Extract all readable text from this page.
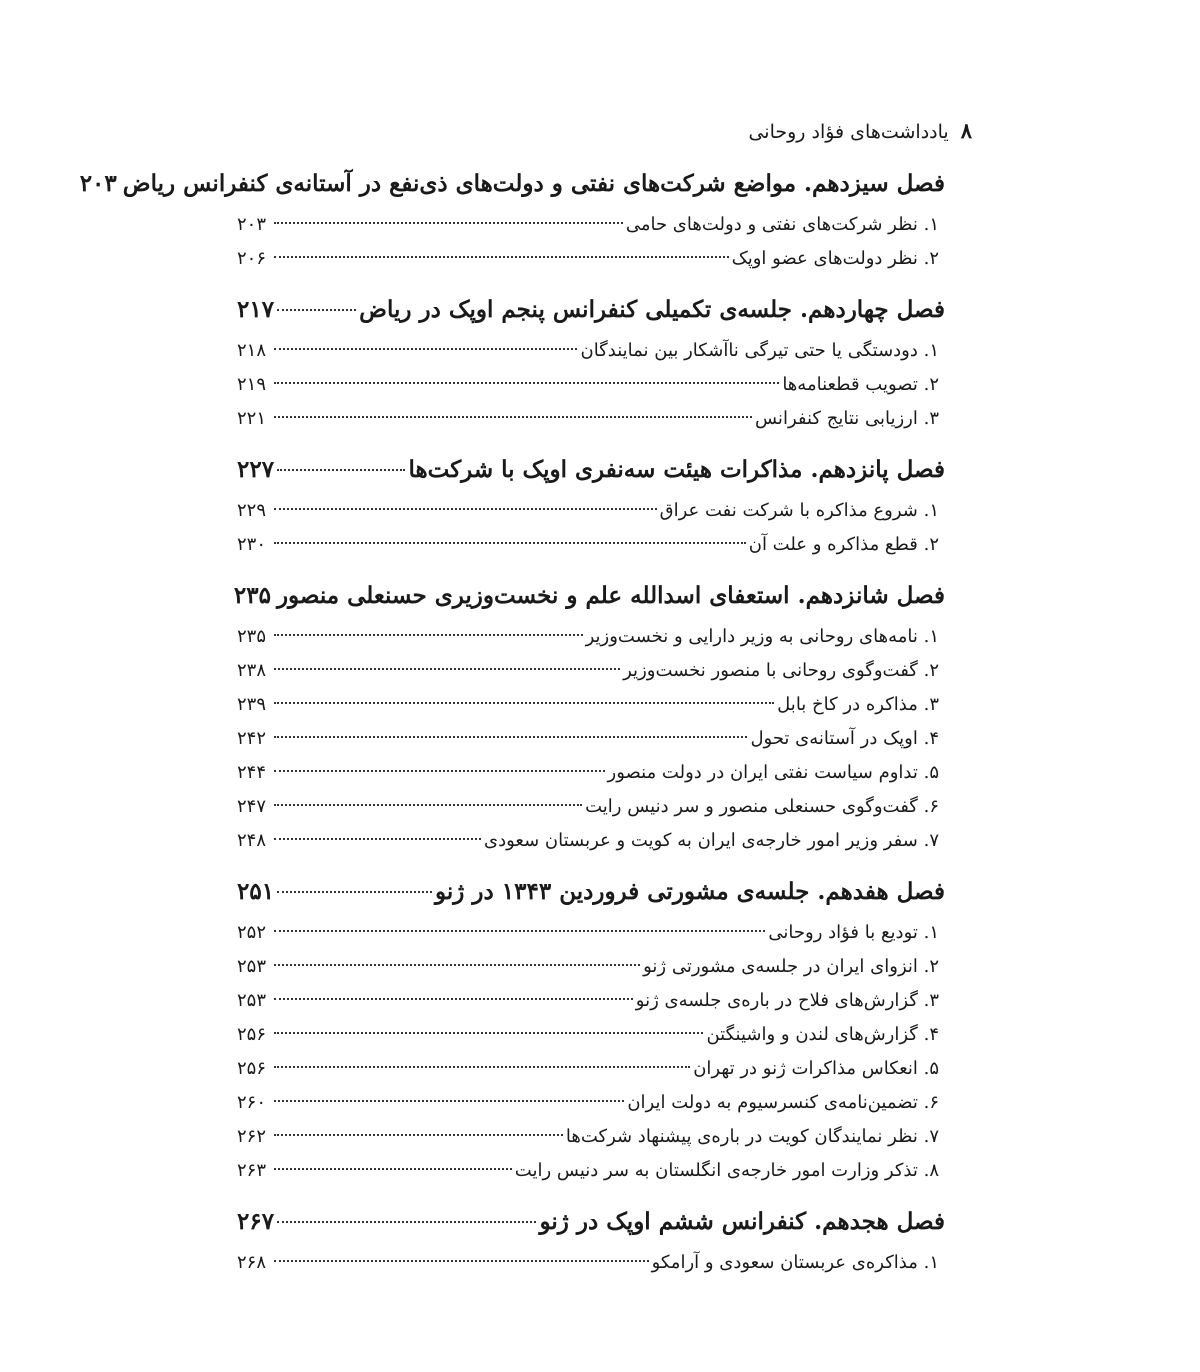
۸
یادداشت‌های فؤاد روحانی
فصل سیزدهم. مواضع شرکت‌های نفتی و دولت‌های ذی‌نفع در آستانه‌ی کنفرانس ریاض
۲۰۳
۱. نظر شرکت‌های نفتی و دولت‌های حامی
۲۰۳
۲. نظر دولت‌های عضو اوپک
۲۰۶
فصل چهاردهم. جلسه‌ی تکمیلی کنفرانس پنجم اوپک در ریاض
۲۱۷
۱. دودستگی یا حتی تیرگی ناآشکار بین نمایندگان
۲۱۸
۲. تصویب قطعنامه‌ها
۲۱۹
۳. ارزیابی نتایج کنفرانس
۲۲۱
فصل پانزدهم. مذاکرات هیئت سه‌نفری اوپک با شرکت‌ها
۲۲۷
۱. شروع مذاکره با شرکت نفت عراق
۲۲۹
۲. قطع مذاکره و علت آن
۲۳۰
فصل شانزدهم. استعفای اسدالله علم و نخست‌وزیری حسنعلی منصور
۲۳۵
۱. نامه‌های روحانی به وزیر دارایی و نخست‌وزیر
۲۳۵
۲. گفت‌وگوی روحانی با منصور نخست‌وزیر
۲۳۸
۳. مذاکره در کاخ بابل
۲۳۹
۴. اوپک در آستانه‌ی تحول
۲۴۲
۵. تداوم سیاست نفتی ایران در دولت منصور
۲۴۴
۶. گفت‌وگوی حسنعلی منصور و سر دنیس رایت
۲۴۷
۷. سفر وزیر امور خارجه‌ی ایران به کویت و عربستان سعودی
۲۴۸
فصل هفدهم. جلسه‌ی مشورتی فروردین ۱۳۴۳ در ژنو
۲۵۱
۱. تودیع با فؤاد روحانی
۲۵۲
۲. انزوای ایران در جلسه‌ی مشورتی ژنو
۲۵۳
۳. گزارش‌های فلاح در باره‌ی جلسه‌ی ژنو
۲۵۳
۴. گزارش‌های لندن و واشینگتن
۲۵۶
۵. انعکاس مذاکرات ژنو در تهران
۲۵۶
۶. تضمین‌نامه‌ی کنسرسیوم به دولت ایران
۲۶۰
۷. نظر نمایندگان کویت در باره‌ی پیشنهاد شرکت‌ها
۲۶۲
۸. تذکر وزارت امور خارجه‌ی انگلستان به سر دنیس رایت
۲۶۳
فصل هجدهم. کنفرانس ششم اوپک در ژنو
۲۶۷
۱. مذاکره‌ی عربستان سعودی و آرامکو
۲۶۸
